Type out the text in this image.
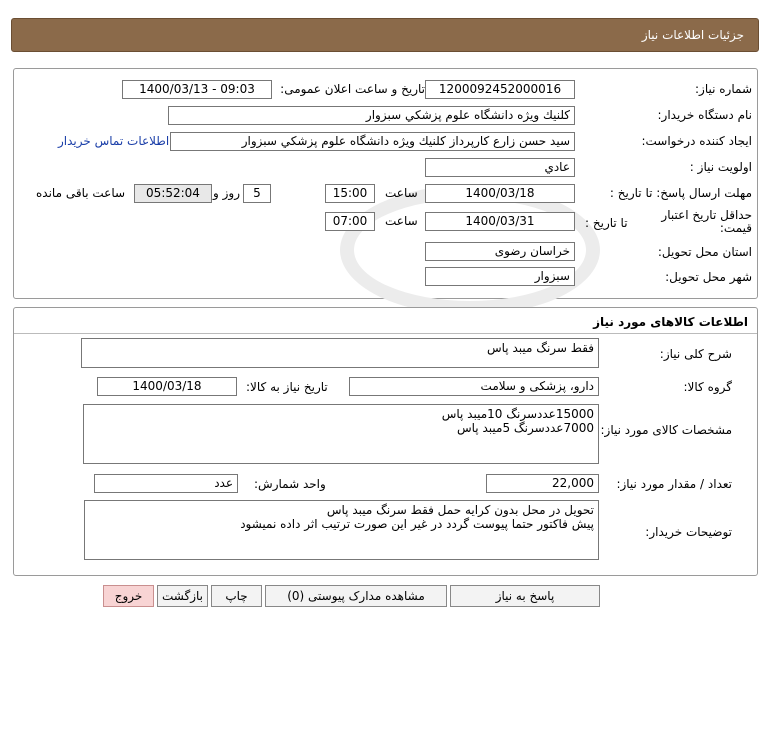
جزئیات اطلاعات نیاز
شماره نیاز:
1200092452000016
تاریخ و ساعت اعلان عمومی:
1400/03/13 - 09:03
نام دستگاه خریدار:
كلنيك ويژه دانشگاه علوم پزشكي سبزوار
ایجاد کننده درخواست:
سيد حسن زارع كارپرداز كلنيك ويژه دانشگاه علوم پزشكي سبزوار
اطلاعات تماس خریدار
اولویت نیاز :
عادي
مهلت ارسال پاسخ: تا تاریخ :
1400/03/18
ساعت
15:00
5
روز و
05:52:04
ساعت باقی مانده
حداقل تاریخ اعتبار قیمت:
تا تاریخ :
1400/03/31
ساعت
07:00
استان محل تحویل:
خراسان رضوی
شهر محل تحویل:
سبزوار
اطلاعات کالاهای مورد نیاز
شرح کلی نیاز:
فقط سرنگ ميبد پاس
گروه کالا:
دارو، پزشکی و سلامت
تاریخ نیاز به کالا:
1400/03/18
مشخصات کالای مورد نیاز:
15000عددسرنگ 10ميبد پاس
7000عددسرنگ 5ميبد پاس
تعداد / مقدار مورد نیاز:
22,000
واحد شمارش:
عدد
توضیحات خریدار:
تحويل در محل بدون كرايه حمل فقط سرنگ ميبد پاس
پيش فاكتور حتما پيوست گردد در غير اين صورت ترتيب اثر داده نميشود
پاسخ به نیاز
مشاهده مدارک پیوستی (0)
چاپ
بازگشت
خروج
